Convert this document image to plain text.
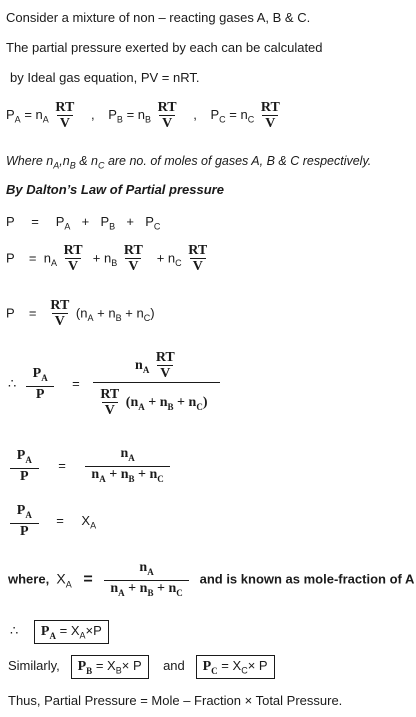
Consider a mixture of non – reacting gases A, B & C.
The partial pressure exerted by each can be calculated
by Ideal gas equation, PV = nRT.
$P_A = n_A \frac{RT}{V}$ , $P_B = n_B \frac{RT}{V}$ , $P_C = n_C \frac{RT}{V}$
Where $n_A,n_B$ & $n_C$ are no. of moles of gases A, B & C respectively.
By Dalton’s Law of Partial pressure
$P = P_A + P_B + P_C$
$P = n_A \frac{RT}{V} + n_B \frac{RT}{V} + n_C \frac{RT}{V}$
$P = \frac{RT}{V} (n_A + n_B + n_C)$
∴ $\frac{P_A}{P} = \frac{n_A \frac{RT}{V}}{\frac{RT}{V} (n_A + n_B + n_C)}$
$\frac{P_A}{P} = \frac{n_A}{n_A + n_B + n_C}$
$\frac{P_A}{P} = X_A$
where, $X_A = \frac{n_A}{n_A + n_B + n_C}$ and is known as mole-fraction of A
∴ $P_A = X_A\times P$
Similarly, $P_B = X_B\times P$ and $P_C = X_C\times P$
Thus, Partial Pressure = Mole – Fraction × Total Pressure.
